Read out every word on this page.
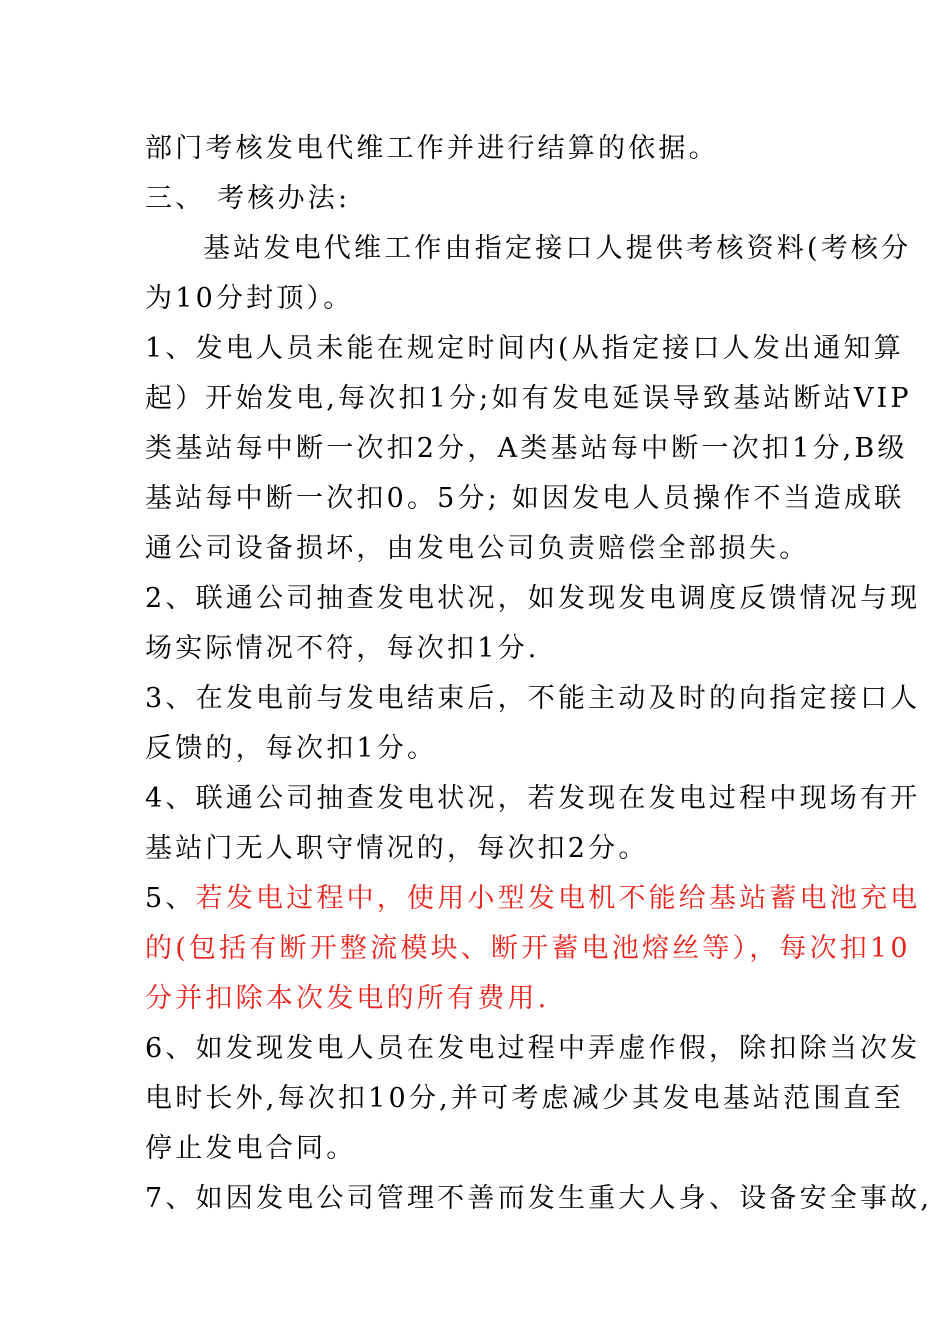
部门考核发电代维工作并进行结算的依据。
三、 考核办法:
基站发电代维工作由指定接口人提供考核资料(考核分
为10分封顶）。
1、发电人员未能在规定时间内(从指定接口人发出通知算
起）开始发电,每次扣1分;如有发电延误导致基站断站VIP
类基站每中断一次扣2分，A类基站每中断一次扣1分,B级
基站每中断一次扣0。5分; 如因发电人员操作不当造成联
通公司设备损坏，由发电公司负责赔偿全部损失。
2、联通公司抽查发电状况，如发现发电调度反馈情况与现
场实际情况不符，每次扣1分.
3、在发电前与发电结束后，不能主动及时的向指定接口人
反馈的，每次扣1分。
4、联通公司抽查发电状况，若发现在发电过程中现场有开
基站门无人职守情况的，每次扣2分。
5、若发电过程中，使用小型发电机不能给基站蓄电池充电
的(包括有断开整流模块、断开蓄电池熔丝等），每次扣10
分并扣除本次发电的所有费用.
6、如发现发电人员在发电过程中弄虚作假，除扣除当次发
电时长外,每次扣10分,并可考虑减少其发电基站范围直至
停止发电合同。
7、如因发电公司管理不善而发生重大人身、设备安全事故,
